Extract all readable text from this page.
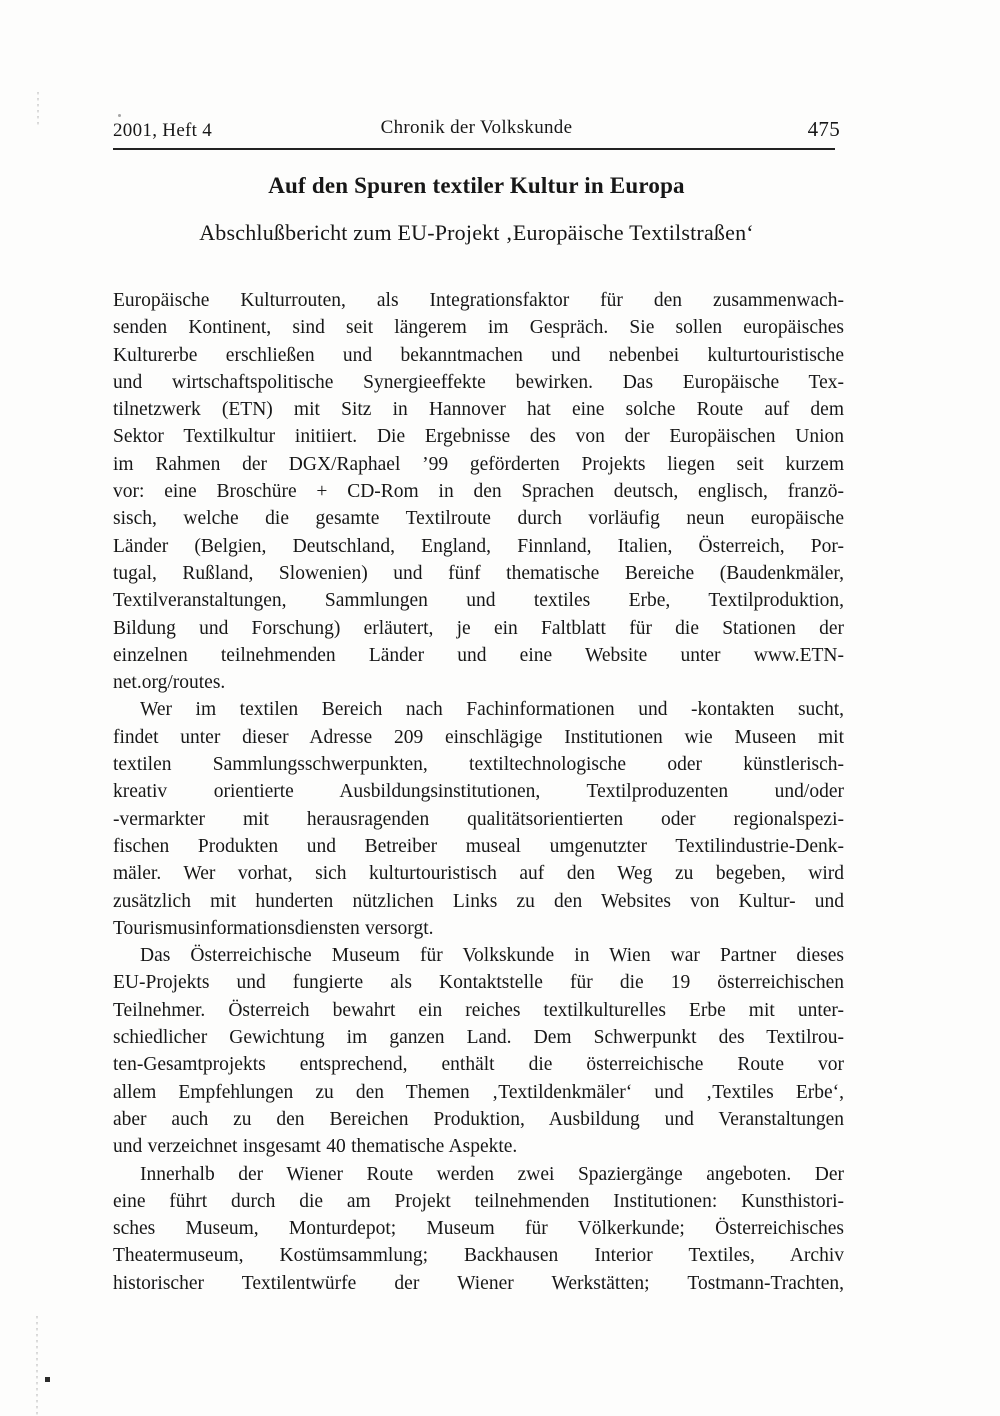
2001, Heft 4	Chronik der Volkskunde	475
Auf den Spuren textiler Kultur in Europa
Abschlußbericht zum EU-Projekt ‚Europäische Textilstraßen‘

Europäische Kulturrouten, als Integrationsfaktor für den zusammenwach-
senden Kontinent, sind seit längerem im Gespräch. Sie sollen europäisches
Kulturerbe erschließen und bekanntmachen und nebenbei kulturtouristische
und wirtschaftspolitische Synergieeffekte bewirken. Das Europäische Tex-
tilnetzwerk (ETN) mit Sitz in Hannover hat eine solche Route auf dem
Sektor Textilkultur initiiert. Die Ergebnisse des von der Europäischen Union
im Rahmen der DGX/Raphael ’99 geförderten Projekts liegen seit kurzem
vor: eine Broschüre + CD-Rom in den Sprachen deutsch, englisch, franzö-
sisch, welche die gesamte Textilroute durch vorläufig neun europäische
Länder (Belgien, Deutschland, England, Finnland, Italien, Österreich, Por-
tugal, Rußland, Slowenien) und fünf thematische Bereiche (Baudenkmäler,
Textilveranstaltungen, Sammlungen und textiles Erbe, Textilproduktion,
Bildung und Forschung) erläutert, je ein Faltblatt für die Stationen der
einzelnen teilnehmenden Länder und eine Website unter www.ETN-
net.org/routes.

Wer im textilen Bereich nach Fachinformationen und -kontakten sucht,
findet unter dieser Adresse 209 einschlägige Institutionen wie Museen mit
textilen Sammlungsschwerpunkten, textiltechnologische oder künstlerisch-
kreativ orientierte Ausbildungsinstitutionen, Textilproduzenten und/oder
-vermarkter mit herausragenden qualitätsorientierten oder regionalspezi-
fischen Produkten und Betreiber museal umgenutzter Textilindustrie-Denk-
mäler. Wer vorhat, sich kulturtouristisch auf den Weg zu begeben, wird
zusätzlich mit hunderten nützlichen Links zu den Websites von Kultur- und
Tourismusinformationsdiensten versorgt.

Das Österreichische Museum für Volkskunde in Wien war Partner dieses
EU-Projekts und fungierte als Kontaktstelle für die 19 österreichischen
Teilnehmer. Österreich bewahrt ein reiches textilkulturelles Erbe mit unter-
schiedlicher Gewichtung im ganzen Land. Dem Schwerpunkt des Textilrou-
ten-Gesamtprojekts entsprechend, enthält die österreichische Route vor
allem Empfehlungen zu den Themen ‚Textildenkmäler‘ und ‚Textiles Erbe‘,
aber auch zu den Bereichen Produktion, Ausbildung und Veranstaltungen
und verzeichnet insgesamt 40 thematische Aspekte.

Innerhalb der Wiener Route werden zwei Spaziergänge angeboten. Der
eine führt durch die am Projekt teilnehmenden Institutionen: Kunsthistori-
sches Museum, Monturdepot; Museum für Völkerkunde; Österreichisches
Theatermuseum, Kostümsammlung; Backhausen Interior Textiles, Archiv
historischer Textilentwürfe der Wiener Werkstätten; Tostmann-Trachten,
